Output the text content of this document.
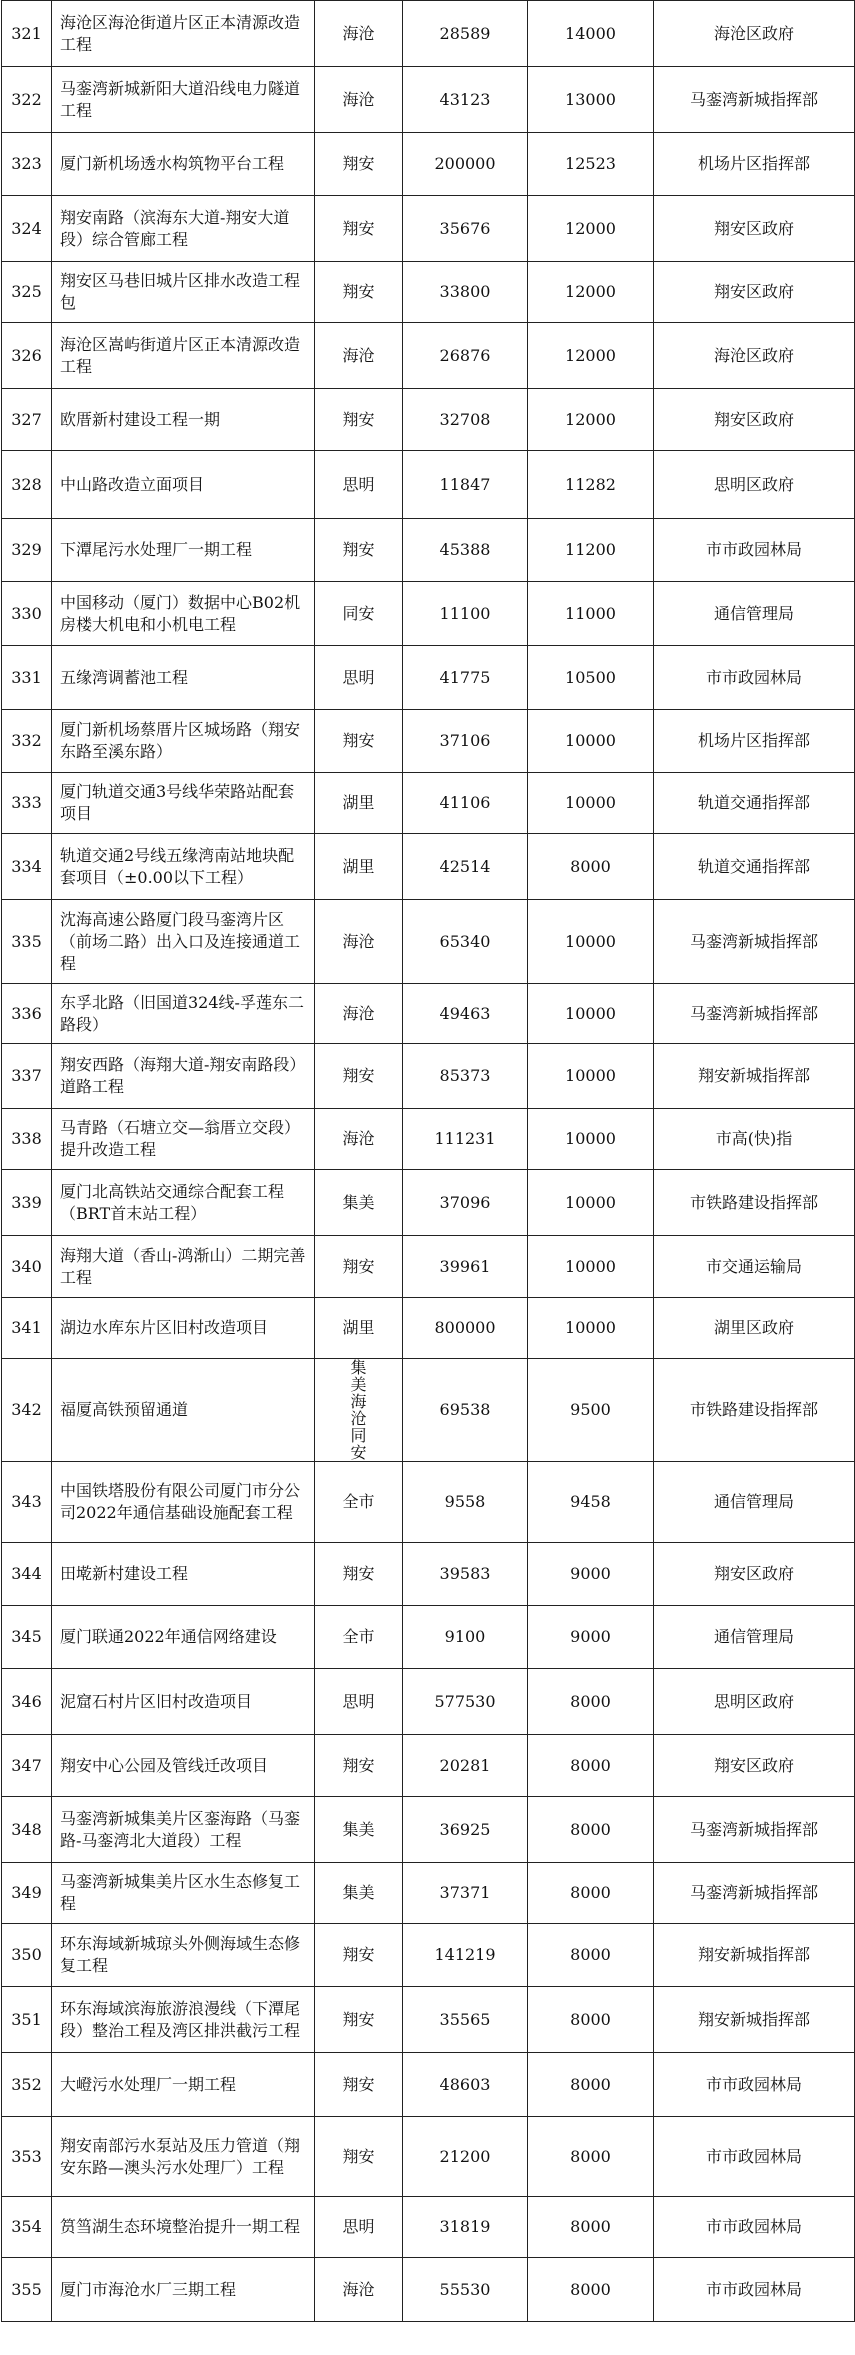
321	海沧区海沧街道片区正本清源改造工程	海沧	28589	14000	海沧区政府
322	马銮湾新城新阳大道沿线电力隧道工程	海沧	43123	13000	马銮湾新城指挥部
323	厦门新机场透水构筑物平台工程	翔安	200000	12523	机场片区指挥部
324	翔安南路（滨海东大道-翔安大道段）综合管廊工程	翔安	35676	12000	翔安区政府
325	翔安区马巷旧城片区排水改造工程包	翔安	33800	12000	翔安区政府
326	海沧区嵩屿街道片区正本清源改造工程	海沧	26876	12000	海沧区政府
327	欧厝新村建设工程一期	翔安	32708	12000	翔安区政府
328	中山路改造立面项目	思明	11847	11282	思明区政府
329	下潭尾污水处理厂一期工程	翔安	45388	11200	市市政园林局
330	中国移动（厦门）数据中心B02机房楼大机电和小机电工程	同安	11100	11000	通信管理局
331	五缘湾调蓄池工程	思明	41775	10500	市市政园林局
332	厦门新机场蔡厝片区城场路（翔安东路至溪东路）	翔安	37106	10000	机场片区指挥部
333	厦门轨道交通3号线华荣路站配套项目	湖里	41106	10000	轨道交通指挥部
334	轨道交通2号线五缘湾南站地块配套项目（±0.00以下工程）	湖里	42514	8000	轨道交通指挥部
335	沈海高速公路厦门段马銮湾片区（前场二路）出入口及连接通道工程	海沧	65340	10000	马銮湾新城指挥部
336	东孚北路（旧国道324线-孚莲东二路段）	海沧	49463	10000	马銮湾新城指挥部
337	翔安西路（海翔大道-翔安南路段）道路工程	翔安	85373	10000	翔安新城指挥部
338	马青路（石塘立交—翁厝立交段）提升改造工程	海沧	111231	10000	市高(快)指
339	厦门北高铁站交通综合配套工程（BRT首末站工程）	集美	37096	10000	市铁路建设指挥部
340	海翔大道（香山-鸿渐山）二期完善工程	翔安	39961	10000	市交通运输局
341	湖边水库东片区旧村改造项目	湖里	800000	10000	湖里区政府
342	福厦高铁预留通道	集美海沧同安	69538	9500	市铁路建设指挥部
343	中国铁塔股份有限公司厦门市分公司2022年通信基础设施配套工程	全市	9558	9458	通信管理局
344	田墘新村建设工程	翔安	39583	9000	翔安区政府
345	厦门联通2022年通信网络建设	全市	9100	9000	通信管理局
346	泥窟石村片区旧村改造项目	思明	577530	8000	思明区政府
347	翔安中心公园及管线迁改项目	翔安	20281	8000	翔安区政府
348	马銮湾新城集美片区銮海路（马銮路-马銮湾北大道段）工程	集美	36925	8000	马銮湾新城指挥部
349	马銮湾新城集美片区水生态修复工程	集美	37371	8000	马銮湾新城指挥部
350	环东海域新城琼头外侧海域生态修复工程	翔安	141219	8000	翔安新城指挥部
351	环东海域滨海旅游浪漫线（下潭尾段）整治工程及湾区排洪截污工程	翔安	35565	8000	翔安新城指挥部
352	大嶝污水处理厂一期工程	翔安	48603	8000	市市政园林局
353	翔安南部污水泵站及压力管道（翔安东路—澳头污水处理厂）工程	翔安	21200	8000	市市政园林局
354	筼筜湖生态环境整治提升一期工程	思明	31819	8000	市市政园林局
355	厦门市海沧水厂三期工程	海沧	55530	8000	市市政园林局
